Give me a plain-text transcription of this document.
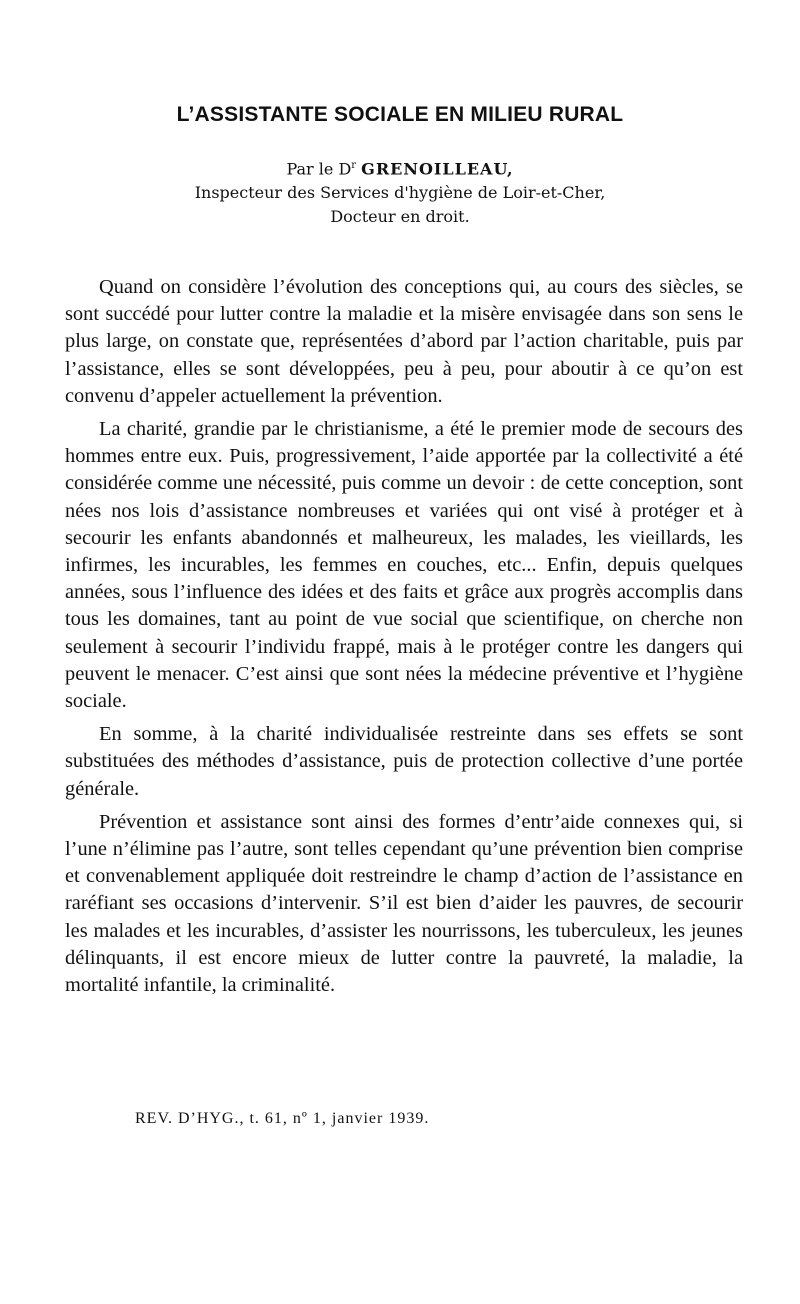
L’ASSISTANTE SOCIALE EN MILIEU RURAL
Par le $D^r$ GRENOILLEAU,
Inspecteur des Services d'hygiène de Loir-et-Cher,
Docteur en droit.

Quand on considère l’évolution des conceptions qui, au cours des siècles, se sont succédé pour lutter contre la maladie et la misère envisagée dans son sens le plus large, on constate que, représentées d’abord par l’action charitable, puis par l’assistance, elles se sont développées, peu à peu, pour aboutir à ce qu’on est convenu d’appeler actuellement la prévention.

La charité, grandie par le christianisme, a été le premier mode de secours des hommes entre eux. Puis, progressivement, l’aide apportée par la collectivité a été considérée comme une nécessité, puis comme un devoir : de cette conception, sont nées nos lois d’assistance nombreuses et variées qui ont visé à protéger et à secourir les enfants abandonnés et malheureux, les malades, les vieillards, les infirmes, les incurables, les femmes en couches, etc... Enfin, depuis quelques années, sous l’influence des idées et des faits et grâce aux progrès accomplis dans tous les domaines, tant au point de vue social que scientifique, on cherche non seulement à secourir l’individu frappé, mais à le protéger contre les dangers qui peuvent le menacer. C’est ainsi que sont nées la médecine préventive et l’hygiène sociale.

En somme, à la charité individualisée restreinte dans ses effets se sont substituées des méthodes d’assistance, puis de protection collective d’une portée générale.

Prévention et assistance sont ainsi des formes d’entr’aide connexes qui, si l’une n’élimine pas l’autre, sont telles cependant qu’une prévention bien comprise et convenablement appliquée doit restreindre le champ d’action de l’assistance en raréfiant ses occasions d’intervenir. S’il est bien d’aider les pauvres, de secourir les malades et les incurables, d’assister les nourrissons, les tuberculeux, les jeunes délinquants, il est encore mieux de lutter contre la pauvreté, la maladie, la mortalité infantile, la criminalité.

REV. D’HYG., t. 61, nº 1, janvier 1939.
